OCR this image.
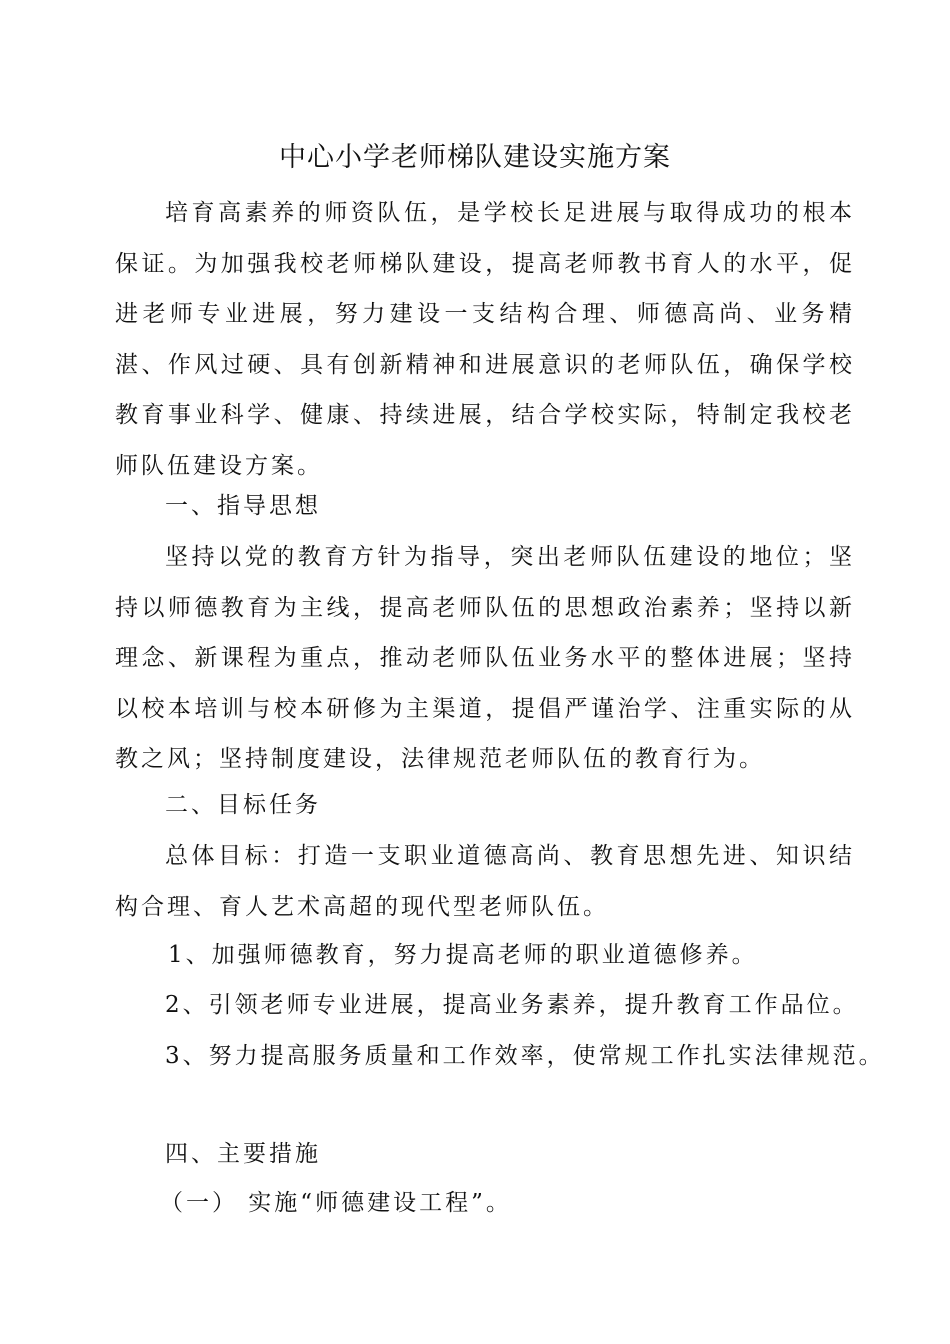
中心小学老师梯队建设实施方案

培育高素养的师资队伍，是学校长足进展与取得成功的根本保证。为加强我校老师梯队建设，提高老师教书育人的水平，促进老师专业进展，努力建设一支结构合理、师德高尚、业务精湛、作风过硬、具有创新精神和进展意识的老师队伍，确保学校教育事业科学、健康、持续进展，结合学校实际，特制定我校老师队伍建设方案。

一、指导思想

坚持以党的教育方针为指导，突出老师队伍建设的地位；坚持以师德教育为主线，提高老师队伍的思想政治素养；坚持以新理念、新课程为重点，推动老师队伍业务水平的整体进展；坚持以校本培训与校本研修为主渠道，提倡严谨治学、注重实际的从教之风；坚持制度建设，法律规范老师队伍的教育行为。

二、目标任务

总体目标：打造一支职业道德高尚、教育思想先进、知识结构合理、育人艺术高超的现代型老师队伍。

1、加强师德教育，努力提高老师的职业道德修养。
2、引领老师专业进展，提高业务素养，提升教育工作品位。
3、努力提高服务质量和工作效率，使常规工作扎实法律规范。
四、主要措施
（一） 实施“师德建设工程”。
